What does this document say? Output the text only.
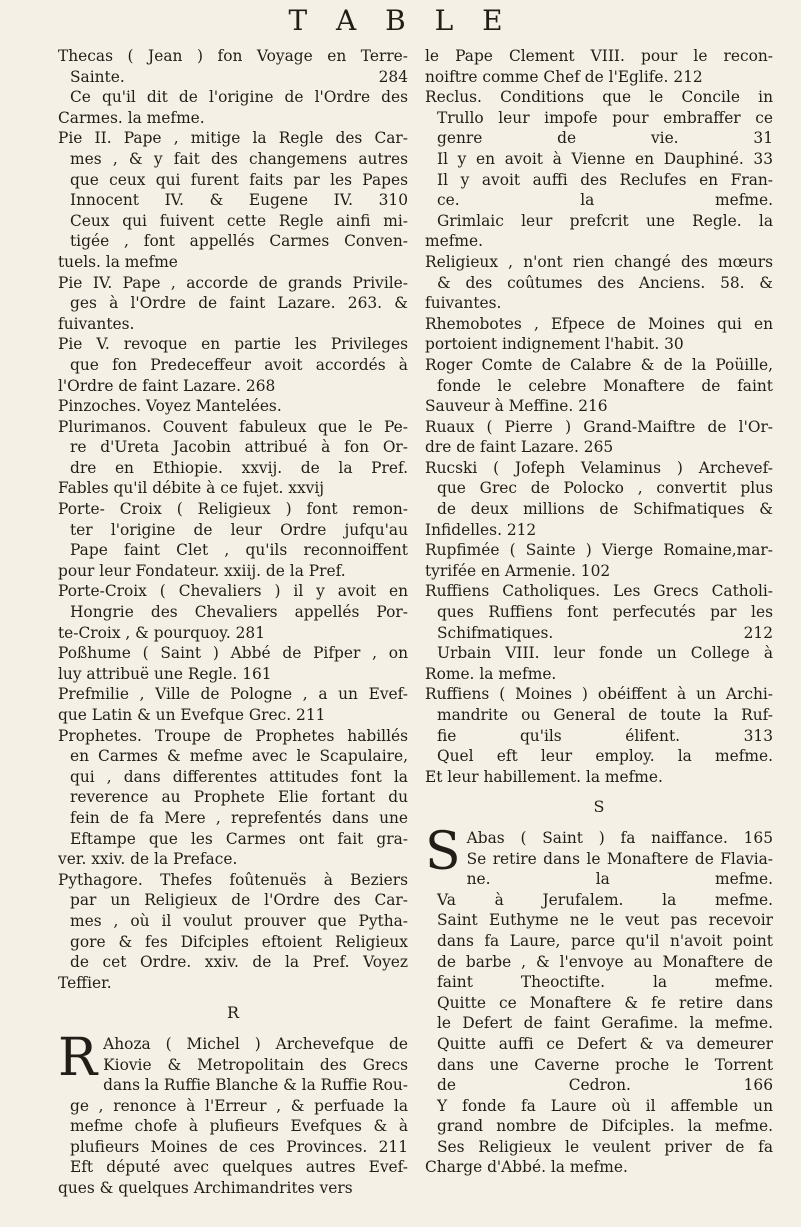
T A B L E
Thecas ( Jean ) fon Voyage en Terre-
Sainte. 284
Ce qu'il dit de l'origine de l'Ordre des
Carmes. la mefme.
Pie II. Pape , mitige la Regle des Car-
mes , & y fait des changemens autres
que ceux qui furent faits par les Papes
Innocent IV. & Eugene IV. 310
Ceux qui fuivent cette Regle ainfi mi-
tigée , font appellés Carmes Conven-
tuels. la mefme
Pie IV. Pape , accorde de grands Privile-
ges à l'Ordre de faint Lazare. 263. &
fuivantes.
Pie V. revoque en partie les Privileges
que fon Predeceffeur avoit accordés à
l'Ordre de faint Lazare. 268
Pinzoches. Voyez Mantelées.
Plurimanos. Couvent fabuleux que le Pe-
re d'Ureta Jacobin attribué à fon Or-
dre en Ethiopie. xxvij. de la Pref.
Fables qu'il débite à ce fujet. xxvij
Porte- Croix ( Religieux ) font remon-
ter l'origine de leur Ordre jufqu'au
Pape faint Clet , qu'ils reconnoiffent
pour leur Fondateur. xxiij. de la Pref.
Porte-Croix ( Chevaliers ) il y avoit en
Hongrie des Chevaliers appellés Por-
te-Croix , & pourquoy. 281
Poßhume ( Saint ) Abbé de Pifper , on
luy attribuë une Regle. 161
Prefmilie , Ville de Pologne , a un Evef-
que Latin & un Evefque Grec. 211
Prophetes. Troupe de Prophetes habillés
en Carmes & mefme avec le Scapulaire,
qui , dans differentes attitudes font la
reverence au Prophete Elie fortant du
fein de fa Mere , reprefentés dans une
Eftampe que les Carmes ont fait gra-
ver. xxiv. de la Preface.
Pythagore. Thefes foûtenuës à Beziers
par un Religieux de l'Ordre des Car-
mes , où il voulut prouver que Pytha-
gore & fes Difciples eftoient Religieux
de cet Ordre. xxiv. de la Pref. Voyez
Teffier.
R
R Ahoza ( Michel ) Archevefque de
Kiovie & Metropolitain des Grecs
dans la Ruffie Blanche & la Ruffie Rou-
ge , renonce à l'Erreur , & perfuade la
mefme chofe à plufieurs Evefques & à
plufieurs Moines de ces Provinces. 211
Eft député avec quelques autres Evef-
ques & quelques Archimandrites vers
le Pape Clement VIII. pour le recon-
noiftre comme Chef de l'Eglife. 212
Reclus. Conditions que le Concile in
Trullo leur impofe pour embraffer ce
genre de vie. 31
Il y en avoit à Vienne en Dauphiné. 33
Il y avoit auffi des Reclufes en Fran-
ce. la mefme.
Grimlaic leur prefcrit une Regle. la
mefme.
Religieux , n'ont rien changé des mœurs
& des coûtumes des Anciens. 58. &
fuivantes.
Rhemobotes , Efpece de Moines qui en
portoient indignement l'habit. 30
Roger Comte de Calabre & de la Poüille,
fonde le celebre Monaftere de faint
Sauveur à Meffine. 216
Ruaux ( Pierre ) Grand-Maiftre de l'Or-
dre de faint Lazare. 265
Rucski ( Jofeph Velaminus ) Archevef-
que Grec de Polocko , convertit plus
de deux millions de Schifmatiques &
Infidelles. 212
Rupfimée ( Sainte ) Vierge Romaine,mar-
tyrifée en Armenie. 102
Ruffiens Catholiques. Les Grecs Catholi-
ques Ruffiens font perfecutés par les
Schifmatiques. 212
Urbain VIII. leur fonde un College à
Rome. la mefme.
Ruffiens ( Moines ) obéiffent à un Archi-
mandrite ou General de toute la Ruf-
fie qu'ils élifent. 313
Quel eft leur employ. la mefme.
Et leur habillement. la mefme.
S
S Abas ( Saint ) fa naiffance. 165
Se retire dans le Monaftere de Flavia-
ne. la mefme.
Va à Jerufalem. la mefme.
Saint Euthyme ne le veut pas recevoir
dans fa Laure, parce qu'il n'avoit point
de barbe , & l'envoye au Monaftere de
faint Theoctifte. la mefme.
Quitte ce Monaftere & fe retire dans
le Defert de faint Gerafime. la mefme.
Quitte auffi ce Defert & va demeurer
dans une Caverne proche le Torrent
de Cedron. 166
Y fonde fa Laure où il affemble un
grand nombre de Difciples. la mefme.
Ses Religieux le veulent priver de fa
Charge d'Abbé. la mefme.
